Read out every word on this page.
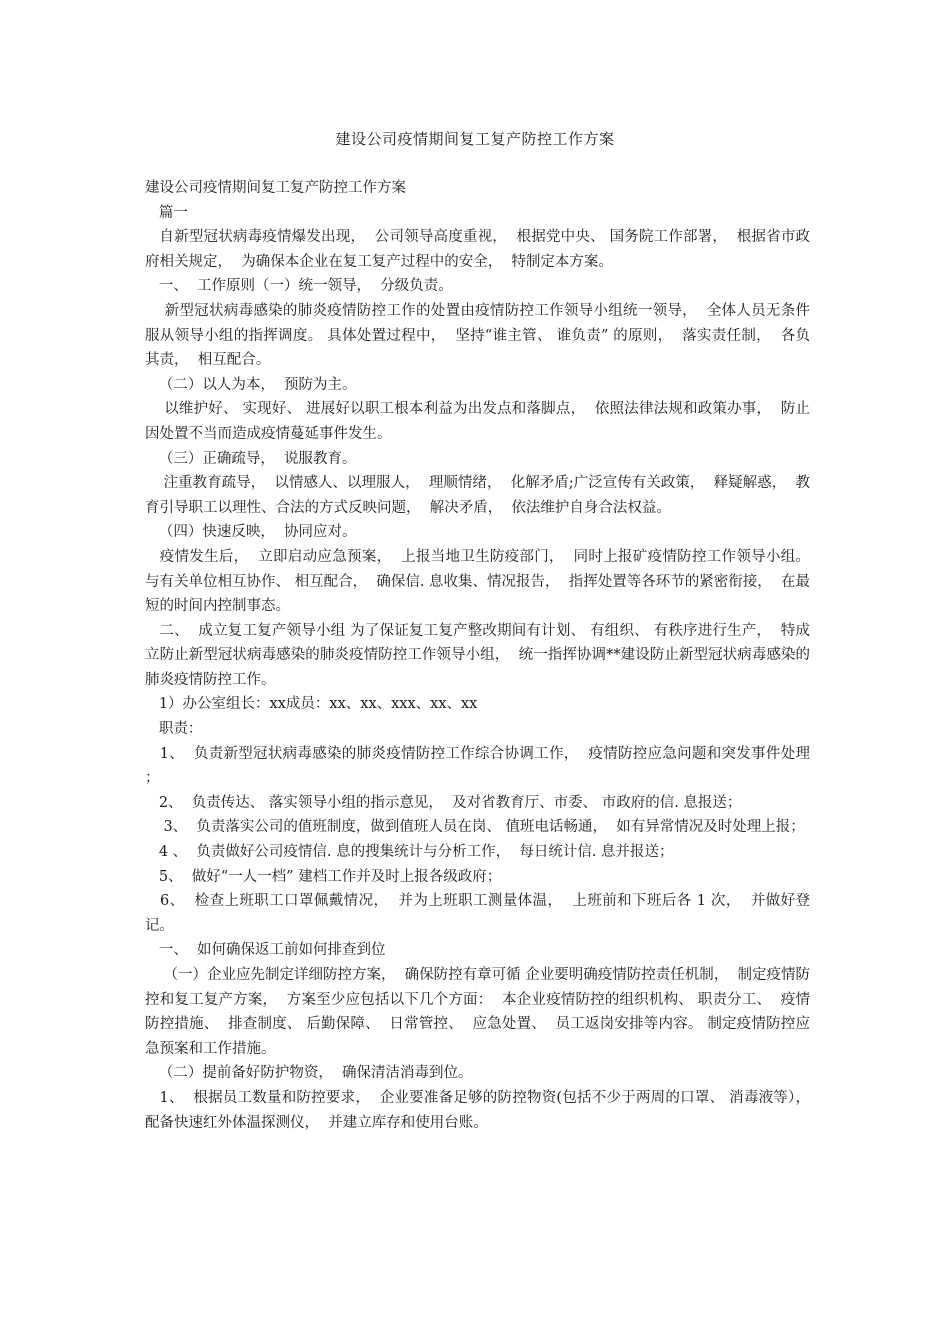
建设公司疫情期间复工复产防控工作方案

建设公司疫情期间复工复产防控工作方案

篇一

自新型冠状病毒疫情爆发出现，  公司领导高度重视，  根据党中央、 国务院工作部署，  根据省市政府相关规定，  为确保本企业在复工复产过程中的安全，  特制定本方案。

一、  工作原则（一）统一领导，  分级负责。

新型冠状病毒感染的肺炎疫情防控工作的处置由疫情防控工作领导小组统一领导，  全体人员无条件服从领导小组的指挥调度。 具体处置过程中，  坚持“谁主管、 谁负责” 的原则，  落实责任制，  各负其责，  相互配合。

（二）以人为本，  预防为主。

以维护好、 实现好、 进展好以职工根本利益为出发点和落脚点，  依照法律法规和政策办事，  防止因处置不当而造成疫情蔓延事件发生。

（三）正确疏导，  说服教育。

注重教育疏导，  以情感人、以理服人，  理顺情绪，  化解矛盾;广泛宣传有关政策，  释疑解惑，  教育引导职工以理性、合法的方式反映问题，  解决矛盾，  依法维护自身合法权益。

（四）快速反映，  协同应对。

疫情发生后，  立即启动应急预案，  上报当地卫生防疫部门，  同时上报矿疫情防控工作领导小组。 与有关单位相互协作、 相互配合，  确保信. 息收集、情况报告，  指挥处置等各环节的紧密衔接，  在最短的时间内控制事态。

二、  成立复工复产领导小组 为了保证复工复产整改期间有计划、 有组织、 有秩序进行生产，  特成立防止新型冠状病毒感染的肺炎疫情防控工作领导小组，  统一指挥协调**建设防止新型冠状病毒感染的肺炎疫情防控工作。

1）办公室组长：xx成员：xx、xx、xxx、xx、xx

职责：

1、  负责新型冠状病毒感染的肺炎疫情防控工作综合协调工作，  疫情防控应急问题和突发事件处理 ；

2、  负责传达、 落实领导小组的指示意见，  及对省教育厅、市委、 市政府的信. 息报送；

3、  负责落实公司的值班制度，做到值班人员在岗、 值班电话畅通，  如有异常情况及时处理上报；

4 、  负责做好公司疫情信. 息的搜集统计与分析工作，  每日统计信. 息并报送；

5、  做好“一人一档” 建档工作并及时上报各级政府；

6、  检查上班职工口罩佩戴情况，  并为上班职工测量体温，  上班前和下班后各 1 次，  并做好登记。

一、  如何确保返工前如何排查到位

（一）企业应先制定详细防控方案，  确保防控有章可循 企业要明确疫情防控责任机制，  制定疫情防控和复工复产方案，  方案至少应包括以下几个方面：  本企业疫情防控的组织机构、 职责分工、  疫情防控措施、  排查制度、 后勤保障、  日常管控、  应急处置、  员工返岗安排等内容。 制定疫情防控应急预案和工作措施。

（二）提前备好防护物资，  确保清洁消毒到位。

1、  根据员工数量和防控要求，  企业要准备足够的防控物资(包括不少于两周的口罩、 消毒液等），  配备快速红外体温探测仪，  并建立库存和使用台账。
